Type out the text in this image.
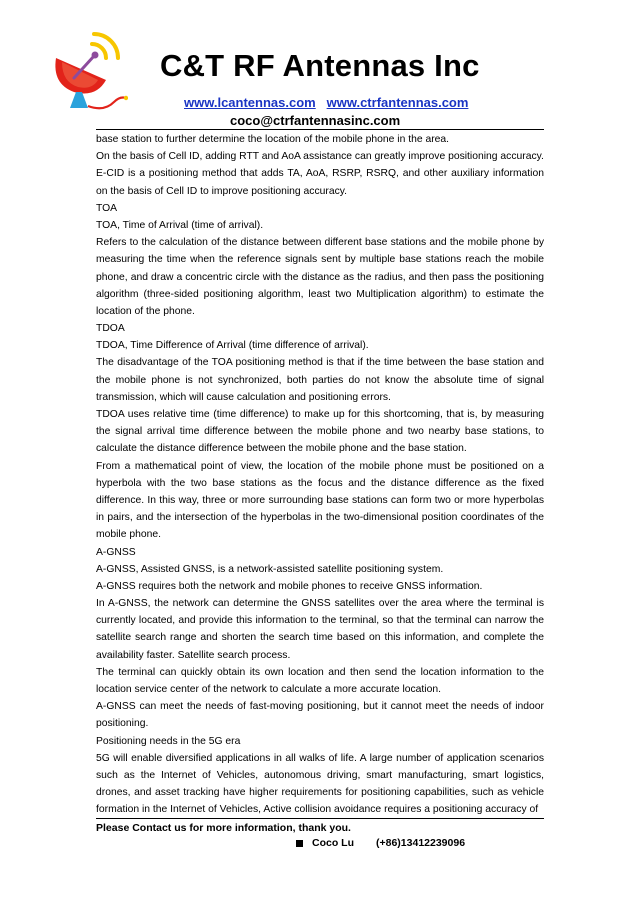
C&T RF Antennas Inc
www.lcantennas.com www.ctrfantennas.com
coco@ctrfantennasinc.com

base station to further determine the location of the mobile phone in the area.

On the basis of Cell ID, adding RTT and AoA assistance can greatly improve positioning accuracy.

E-CID is a positioning method that adds TA, AoA, RSRP, RSRQ, and other auxiliary information on the basis of Cell ID to improve positioning accuracy.

TOA

TOA, Time of Arrival (time of arrival).

Refers to the calculation of the distance between different base stations and the mobile phone by measuring the time when the reference signals sent by multiple base stations reach the mobile phone, and draw a concentric circle with the distance as the radius, and then pass the positioning algorithm (three-sided positioning algorithm, least two Multiplication algorithm) to estimate the location of the phone.

TDOA

TDOA, Time Difference of Arrival (time difference of arrival).

The disadvantage of the TOA positioning method is that if the time between the base station and the mobile phone is not synchronized, both parties do not know the absolute time of signal transmission, which will cause calculation and positioning errors.

TDOA uses relative time (time difference) to make up for this shortcoming, that is, by measuring the signal arrival time difference between the mobile phone and two nearby base stations, to calculate the distance difference between the mobile phone and the base station.

From a mathematical point of view, the location of the mobile phone must be positioned on a hyperbola with the two base stations as the focus and the distance difference as the fixed difference. In this way, three or more surrounding base stations can form two or more hyperbolas in pairs, and the intersection of the hyperbolas in the two-dimensional position coordinates of the mobile phone.

A-GNSS

A-GNSS, Assisted GNSS, is a network-assisted satellite positioning system.

A-GNSS requires both the network and mobile phones to receive GNSS information.

In A-GNSS, the network can determine the GNSS satellites over the area where the terminal is currently located, and provide this information to the terminal, so that the terminal can narrow the satellite search range and shorten the search time based on this information, and complete the availability faster. Satellite search process.

The terminal can quickly obtain its own location and then send the location information to the location service center of the network to calculate a more accurate location.

A-GNSS can meet the needs of fast-moving positioning, but it cannot meet the needs of indoor positioning.

Positioning needs in the 5G era

5G will enable diversified applications in all walks of life. A large number of application scenarios such as the Internet of Vehicles, autonomous driving, smart manufacturing, smart logistics, drones, and asset tracking have higher requirements for positioning capabilities, such as vehicle formation in the Internet of Vehicles, Active collision avoidance requires a positioning accuracy of

Please Contact us for more information, thank you.
Coco Lu (+86)13412239096
